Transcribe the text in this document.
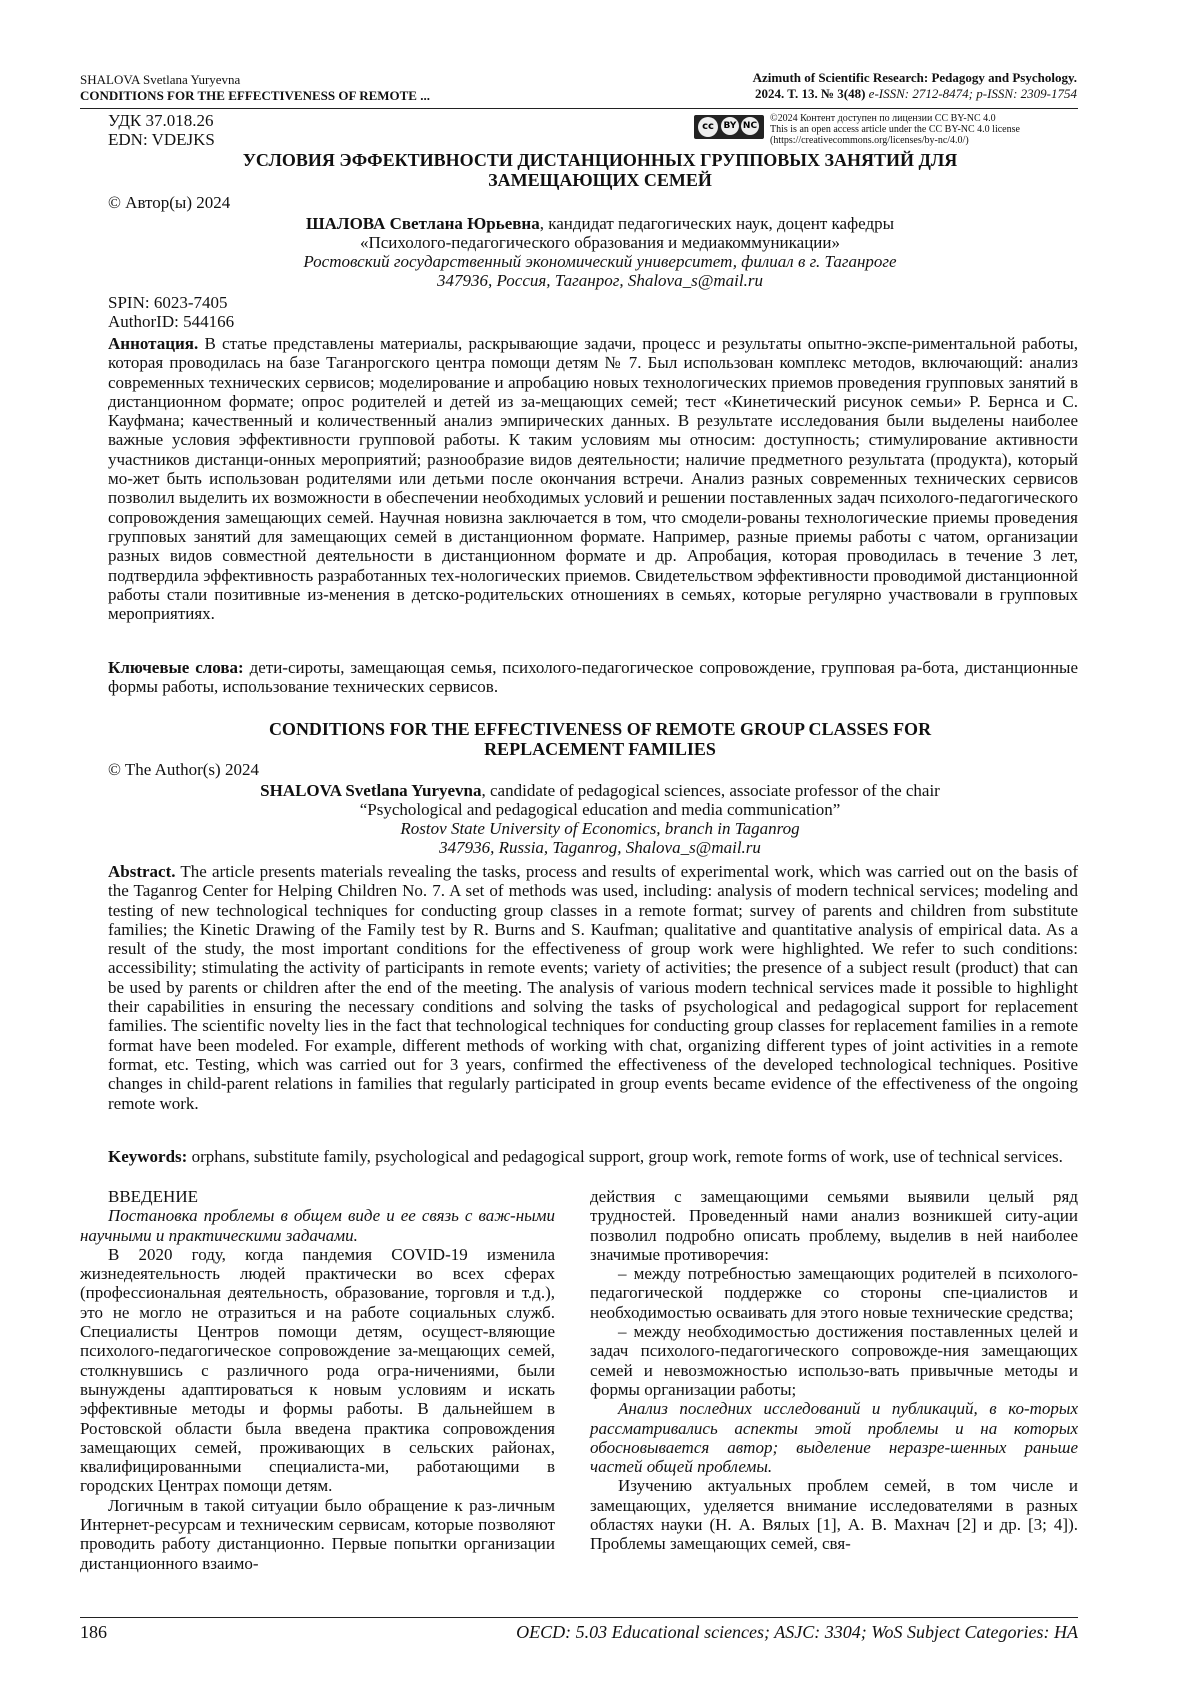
SHALOVA Svetlana Yuryevna
CONDITIONS FOR THE EFFECTIVENESS OF REMOTE ...
Azimuth of Scientific Research: Pedagogy and Psychology.
2024. T. 13. № 3(48) e-ISSN: 2712-8474; p-ISSN: 2309-1754
УДК 37.018.26
EDN: VDEJKS
cc	BY NC
©2024 Контент доступен по лицензии CC BY-NC 4.0
This is an open access article under the CC BY-NC 4.0 license
(https://creativecommons.org/licenses/by-nc/4.0/)
УСЛОВИЯ ЭФФЕКТИВНОСТИ ДИСТАНЦИОННЫХ ГРУППОВЫХ ЗАНЯТИЙ ДЛЯ
ЗАМЕЩАЮЩИХ СЕМЕЙ
© Автор(ы) 2024
ШАЛОВА Светлана Юрьевна, кандидат педагогических наук, доцент кафедры
«Психолого-педагогического образования и медиакоммуникации»
Ростовский государственный экономический университет, филиал в г. Таганроге
347936, Россия, Таганрог, Shalova_s@mail.ru
SPIN: 6023-7405
AuthorID: 544166
Аннотация. В статье представлены материалы, раскрывающие задачи, процесс и результаты опытно-экспе-риментальной работы, которая проводилась на базе Таганрогского центра помощи детям № 7. Был использован комплекс методов, включающий: анализ современных технических сервисов; моделирование и апробацию новых технологических приемов проведения групповых занятий в дистанционном формате; опрос родителей и детей из за-мещающих семей; тест «Кинетический рисунок семьи» Р. Бернса и С. Кауфмана; качественный и количественный анализ эмпирических данных. В результате исследования были выделены наиболее важные условия эффективности групповой работы. К таким условиям мы относим: доступность; стимулирование активности участников дистанци-онных мероприятий; разнообразие видов деятельности; наличие предметного результата (продукта), который мо-жет быть использован родителями или детьми после окончания встречи. Анализ разных современных технических сервисов позволил выделить их возможности в обеспечении необходимых условий и решении поставленных задач психолого-педагогического сопровождения замещающих семей. Научная новизна заключается в том, что смодели-рованы технологические приемы проведения групповых занятий для замещающих семей в дистанционном формате. Например, разные приемы работы с чатом, организации разных видов совместной деятельности в дистанционном формате и др. Апробация, которая проводилась в течение 3 лет, подтвердила эффективность разработанных тех-нологических приемов. Свидетельством эффективности проводимой дистанционной работы стали позитивные из-менения в детско-родительских отношениях в семьях, которые регулярно участвовали в групповых мероприятиях.
Ключевые слова: дети-сироты, замещающая семья, психолого-педагогическое сопровождение, групповая ра-бота, дистанционные формы работы, использование технических сервисов.
CONDITIONS FOR THE EFFECTIVENESS OF REMOTE GROUP CLASSES FOR
REPLACEMENT FAMILIES
© The Author(s) 2024
SHALOVA Svetlana Yuryevna, candidate of pedagogical sciences, associate professor of the chair
“Psychological and pedagogical education and media communication”
Rostov State University of Economics, branch in Taganrog
347936, Russia, Taganrog, Shalova_s@mail.ru
Abstract. The article presents materials revealing the tasks, process and results of experimental work, which was carried out on the basis of the Taganrog Center for Helping Children No. 7. A set of methods was used, including: analysis of modern technical services; modeling and testing of new technological techniques for conducting group classes in a remote format; survey of parents and children from substitute families; the Kinetic Drawing of the Family test by R. Burns and S. Kaufman; qualitative and quantitative analysis of empirical data. As a result of the study, the most important conditions for the effectiveness of group work were highlighted. We refer to such conditions: accessibility; stimulating the activity of participants in remote events; variety of activities; the presence of a subject result (product) that can be used by parents or children after the end of the meeting. The analysis of various modern technical services made it possible to highlight their capabilities in ensuring the necessary conditions and solving the tasks of psychological and pedagogical support for replacement families. The scientific novelty lies in the fact that technological techniques for conducting group classes for replacement families in a remote format have been modeled. For example, different methods of working with chat, organizing different types of joint activities in a remote format, etc. Testing, which was carried out for 3 years, confirmed the effectiveness of the developed technological techniques. Positive changes in child-parent relations in families that regularly participated in group events became evidence of the effectiveness of the ongoing remote work.
Keywords: orphans, substitute family, psychological and pedagogical support, group work, remote forms of work, use of technical services.

ВВЕДЕНИЕ

Постановка проблемы в общем виде и ее связь с важ-ными научными и практическими задачами.

В 2020 году, когда пандемия COVID-19 изменила жизнедеятельность людей практически во всех сферах (профессиональная деятельность, образование, торговля и т.д.), это не могло не отразиться и на работе социальных служб. Специалисты Центров помощи детям, осущест-вляющие психолого-педагогическое сопровождение за-мещающих семей, столкнувшись с различного рода огра-ничениями, были вынуждены адаптироваться к новым условиям и искать эффективные методы и формы работы. В дальнейшем в Ростовской области была введена практика сопровождения замещающих семей, проживающих в сельских районах, квалифицированными специалиста-ми, работающими в городских Центрах помощи детям.

Логичным в такой ситуации было обращение к раз-личным Интернет-ресурсам и техническим сервисам, которые позволяют проводить работу дистанционно. Первые попытки организации дистанционного взаимо-

действия с замещающими семьями выявили целый ряд трудностей. Проведенный нами анализ возникшей ситу-ации позволил подробно описать проблему, выделив в ней наиболее значимые противоречия:

– между потребностью замещающих родителей в психолого-педагогической поддержке со стороны спе-циалистов и необходимостью осваивать для этого новые технические средства;

– между необходимостью достижения поставленных целей и задач психолого-педагогического сопровожде-ния замещающих семей и невозможностью использо-вать привычные методы и формы организации работы;

Анализ последних исследований и публикаций, в ко-торых рассматривались аспекты этой проблемы и на которых обосновывается автор; выделение неразре-шенных раньше частей общей проблемы.

Изучению актуальных проблем семей, в том числе и замещающих, уделяется внимание исследователями в разных областях науки (Н. А. Вялых [1], А. В. Махнач [2] и др. [3; 4]). Проблемы замещающих семей, свя-

186	OECD: 5.03 Educational sciences; ASJC: 3304; WoS Subject Categories: HA
